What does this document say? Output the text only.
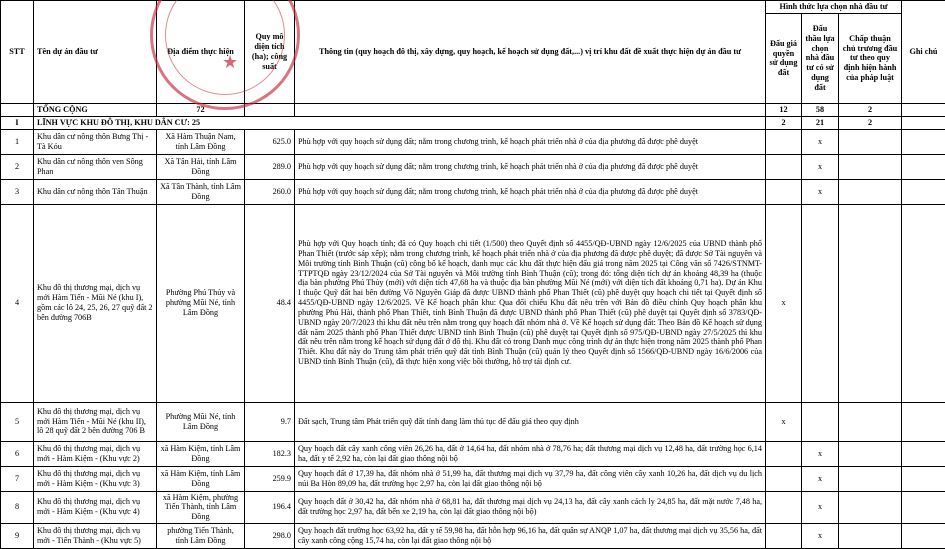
STT	Tên dự án đầu tư	Địa điểm thực hiện	Quy mô diện tích (ha); công suất	Thông tin (quy hoạch đô thị, xây dựng, quy hoạch, kế hoạch sử dụng đất,...) vị trí khu đất đề xuất thực hiện dự án đầu tư	Hình thức lựa chọn nhà đầu tư			Ghi chú
					Đấu giá quyền sử dụng đất	Đấu thầu lựa chọn nhà đầu tư có sử dụng đất	Chấp thuận chủ trương đầu tư theo quy định hiện hành của pháp luật	
	TỔNG CỘNG	72			12	58	2	
I	LĨNH VỰC KHU ĐÔ THỊ, KHU DÂN CƯ: 25				2	21	2	
1	Khu dân cư nông thôn Bưng Thị - Tà Kóu	Xã Hàm Thuận Nam, tỉnh Lâm Đồng	625.0	Phù hợp với quy hoạch sử dụng đất; nằm trong chương trình, kế hoạch phát triển nhà ở của địa phương đã được phê duyệt		x		
2	Khu dân cư nông thôn ven Sông Phan	Xã Tân Hải, tỉnh Lâm Đồng	289.0	Phù hợp với quy hoạch sử dụng đất; nằm trong chương trình, kế hoạch phát triển nhà ở của địa phương đã được phê duyệt		x		
3	Khu dân cư nông thôn Tân Thuận	Xã Tân Thành, tỉnh Lâm Đồng	260.0	Phù hợp với quy hoạch sử dụng đất; nằm trong chương trình, kế hoạch phát triển nhà ở của địa phương đã được phê duyệt		x		
4	Khu đô thị thương mại, dịch vụ mới Hàm Tiến - Mũi Né (khu I), gồm các lô 24, 25, 26, 27 quỹ đất 2 bên đường 706B	Phường Phú Thủy và phường Mũi Né, tỉnh Lâm Đồng	48.4	Phù hợp với Quy hoạch tỉnh; đã có Quy hoạch chi tiết (1/500) theo Quyết định số 4455/QĐ-UBND ngày 12/6/2025 của UBND thành phố Phan Thiết (trước sáp xếp); nằm trong chương trình, kế hoạch phát triển nhà ở của địa phương đã được phê duyệt; đã được Sở Tài nguyên và Môi trường tỉnh Bình Thuận (cũ) công bố kế hoạch, danh mục các khu đất thực hiện đấu giá trong năm 2025 tại Công văn số 7426/STNMT-TTPTQĐ ngày 23/12/2024 của Sở Tài nguyên và Môi trường tỉnh Bình Thuận (cũ); trong đó: tổng diện tích dự án khoảng 48,39 ha (thuộc địa bàn phường Phú Thủy (mới) với diện tích 47,68 ha và thuộc địa bàn phường Mũi Né (mới) với diện tích đất khoảng 0,71 ha). Dự án Khu I thuộc Quỹ đất hai bên đường Võ Nguyên Giáp đã được UBND thành phố Phan Thiết (cũ) phê duyệt quy hoạch chi tiết tại Quyết định số 4455/QĐ-UBND ngày 12/6/2025. Về Kế hoạch phân khu: Qua đối chiếu Khu đất nêu trên với Bản đồ điều chỉnh Quy hoạch phân khu phường Phú Hài, thành phố Phan Thiết, tỉnh Bình Thuận đã được UBND thành phố Phan Thiết (cũ) phê duyệt tại Quyết định số 3783/QĐ-UBND ngày 20/7/2023 thì khu đất nêu trên nằm trong quy hoạch đất nhóm nhà ở. Về Kế hoạch sử dụng đất: Theo Bản đồ Kế hoạch sử dụng đất năm 2025 thành phố Phan Thiết được UBND tỉnh Bình Thuận (cũ) phê duyệt tại Quyết định số 975/QĐ-UBND ngày 27/5/2025 thì khu đất nêu trên nằm trong kế hoạch sử dụng đất ở đô thị. Khu đất có trong Danh mục công trình dự án thực hiện trong năm 2025 thành phố Phan Thiết. Khu đất này do Trung tâm phát triển quỹ đất tỉnh Bình Thuận (cũ) quản lý theo Quyết định số 1566/QĐ-UBND ngày 16/6/2006 của UBND tỉnh Bình Thuận (cũ), đã thực hiện xong việc bồi thường, hỗ trợ tái định cư.	x			
5	Khu đô thị thương mại, dịch vụ mới Hàm Tiến - Mũi Né (khu II), lô 28 quỹ đất 2 bên đường 706 B	Phường Mũi Né, tỉnh Lâm Đồng	9.7	Đất sạch, Trung tâm Phát triển quỹ đất tỉnh đang làm thủ tục để đấu giá theo quy định	x			
6	Khu đô thị thương mại, dịch vụ mới - Hàm Kiệm - (Khu vực 2)	xã Hàm Kiệm, tỉnh Lâm Đồng	182.3	Quy hoạch đất cây xanh công viên 26,26 ha, đất ở 14,64 ha, đất nhóm nhà ở 78,76 ha; đất thương mại dịch vụ 12,48 ha, đất trường học 6,14 ha, đất y tế 2,92 ha, còn lại đất giao thông nội bộ		x		
7	Khu đô thị thương mại, dịch vụ mới - Hàm Kiệm - (Khu vực 3)	xã Hàm Kiệm, tỉnh Lâm Đồng	259.9	Quy hoạch đất ở 17,39 ha, đất nhóm nhà ở 51,99 ha, đất thương mại dịch vụ 37,79 ha, đất công viên cây xanh 10,26 ha, đất dịch vụ du lịch núi Ba Hòn 89,09 ha, đất trường học 2,97 ha, còn lại đất giao thông nội bộ		x		
8	Khu đô thị thương mại, dịch vụ mới - Hàm Kiệm - (Khu vực 4)	xã Hàm Kiệm, phường Tiến Thành, tỉnh Lâm Đồng	196.4	Quy hoạch đất ở 30,42 ha, đất nhóm nhà ở 68,81 ha, đất thương mại dịch vụ 24,13 ha, đất cây xanh cách ly 24,85 ha, đất mặt nước 7,48 ha, đất trường học 2,97 ha, đất bến xe 2,19 ha, còn lại đất giao thông nội bộ)		x		
9	Khu đô thị thương mại, dịch vụ mới - Tiến Thành - (Khu vực 5)	phường Tiến Thành, tỉnh Lâm Đồng	298.0	Quy hoạch đất trường học 63,92 ha, đất y tế 59,98 ha, đất hỗn hợp 96,16 ha, đất quân sự ANQP 1,07 ha, đất thương mại dịch vụ 35,56 ha, đất cây xanh công cộng 15,74 ha, còn lại đất giao thông nội bộ		x		
★
